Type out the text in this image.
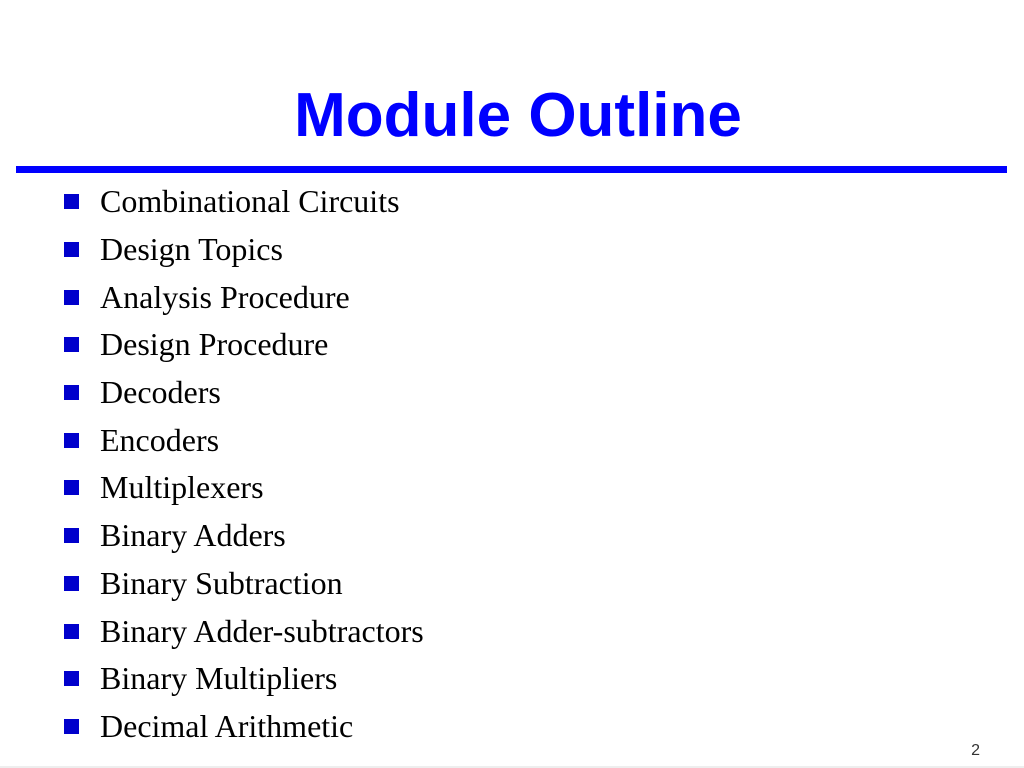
Module Outline
Combinational Circuits
Design Topics
Analysis Procedure
Design Procedure
Decoders
Encoders
Multiplexers
Binary Adders
Binary Subtraction
Binary Adder-subtractors
Binary Multipliers
Decimal Arithmetic
2
